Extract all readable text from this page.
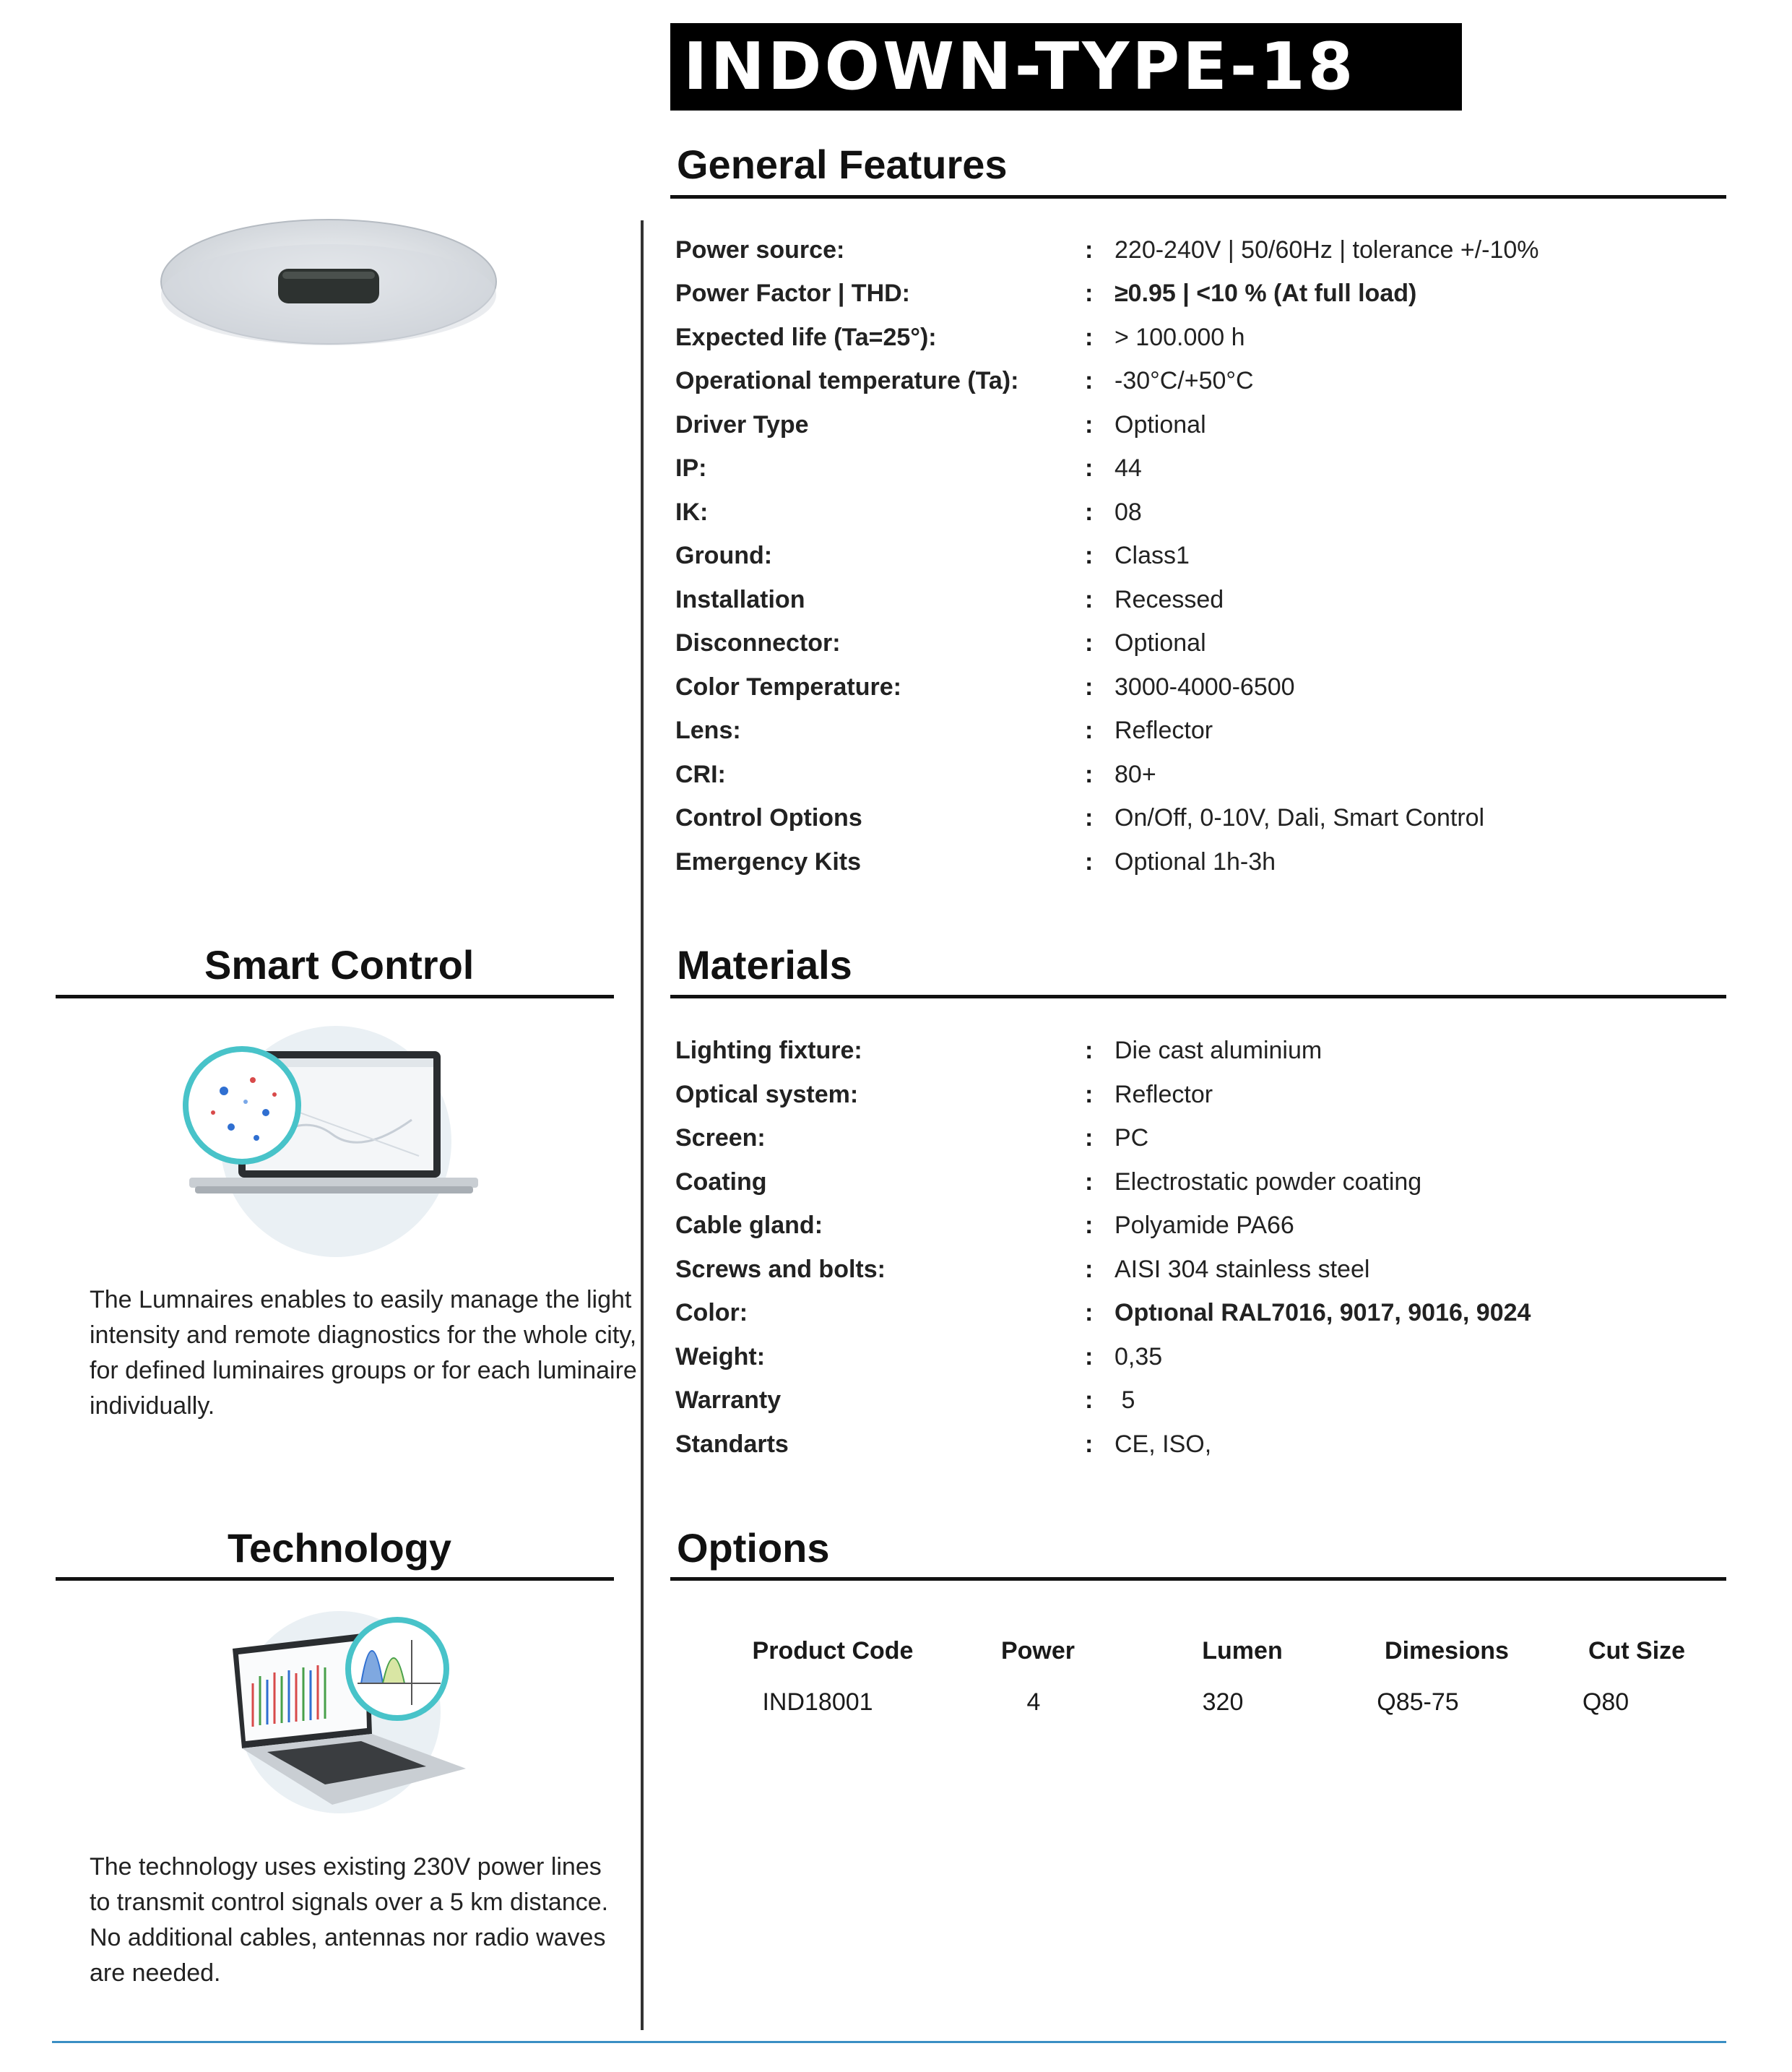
INDOWN-TYPE-18
General Features
Power source:	: 220-240V | 50/60Hz | tolerance +/-10%
Power Factor | THD:	: ≥0.95 | <10 % (At full load)
Expected life (Ta=25°):	: > 100.000 h
Operational temperature (Ta):	: -30°C/+50°C
Driver Type	: Optional
IP:	: 44
IK:	: 08
Ground:	: Class1
Installation	: Recessed
Disconnector:	: Optional
Color Temperature:	: 3000-4000-6500
Lens:	: Reflector
CRI:	: 80+
Control Options	: On/Off, 0-10V, Dali, Smart Control
Emergency Kits	: Optional 1h-3h
Smart Control
The Lumnaires enables to easily manage the light intensity and remote diagnostics for the whole city, for defined luminaires groups or for each luminaire individually.
Materials
Lighting fixture:	: Die cast aluminium
Optical system:	: Reflector
Screen:	: PC
Coating	: Electrostatic powder coating
Cable gland:	: Polyamide PA66
Screws and bolts:	: AISI 304 stainless steel
Color:	: Optıonal RAL7016, 9017, 9016, 9024
Weight:	: 0,35
Warranty	: 5
Standarts	: CE, ISO,
Technology
The technology uses existing 230V power lines to transmit control signals over a 5 km distance. No additional cables, antennas nor radio waves are needed.
Options
Product Code	Power	Lumen	Dimesions	Cut Size
IND18001	4	320	Q85-75	Q80
